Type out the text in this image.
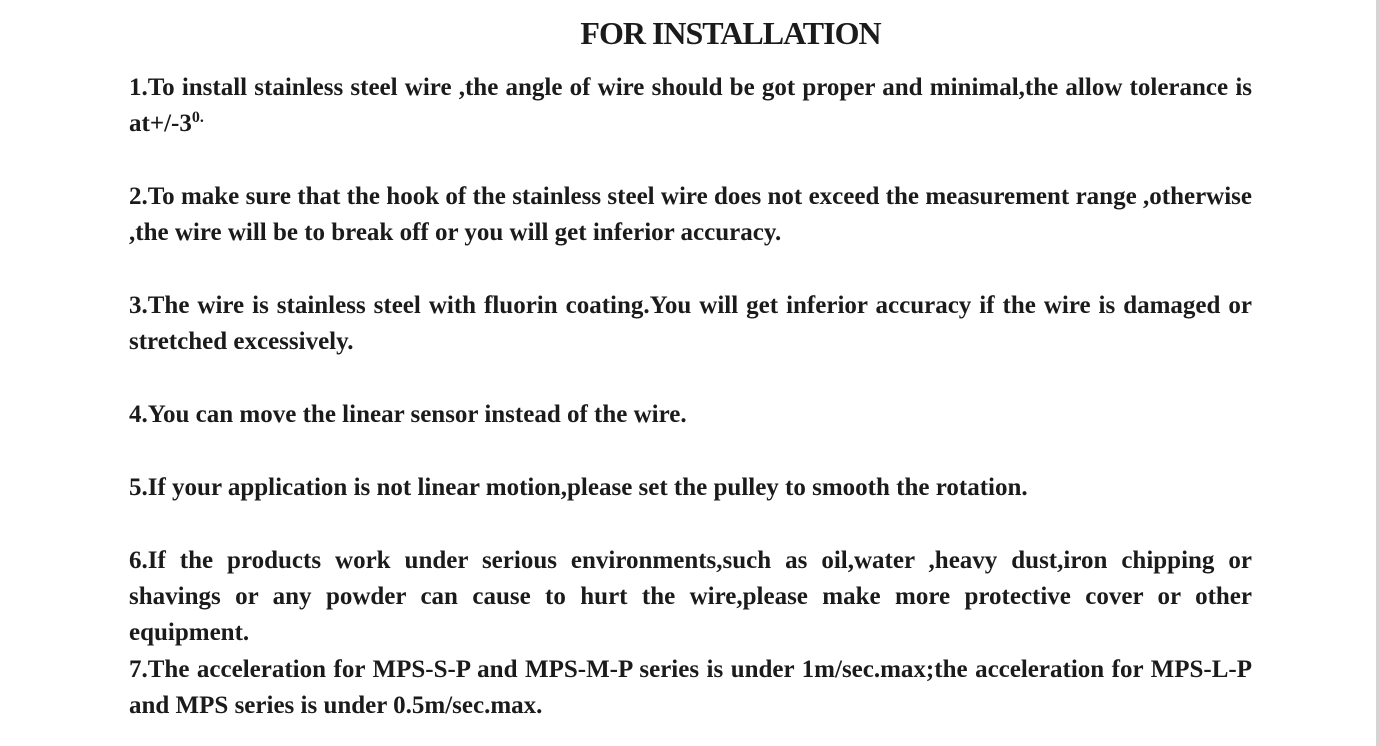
FOR INSTALLATION
1.To install stainless steel wire ,the angle of wire should be got proper and minimal,the allow tolerance is $at+/-3^{0.}$
2.To make sure that the hook of the stainless steel wire does not exceed the measurement range ,otherwise ,the wire will be to break off or you will get inferior accuracy.
3.The wire is stainless steel with fluorin coating.You will get inferior accuracy if the wire is damaged or stretched excessively.
4.You can move the linear sensor instead of the wire.
5.If your application is not linear motion,please set the pulley to smooth the rotation.
6.If the products work under serious environments,such as oil,water ,heavy dust,iron chipping or shavings or any powder can cause to hurt the wire,please make more protective cover or other equipment.
7.The acceleration for MPS-S-P and MPS-M-P series is under 1m/sec.max;the acceleration for MPS-L-P and MPS series is under 0.5m/sec.max.
